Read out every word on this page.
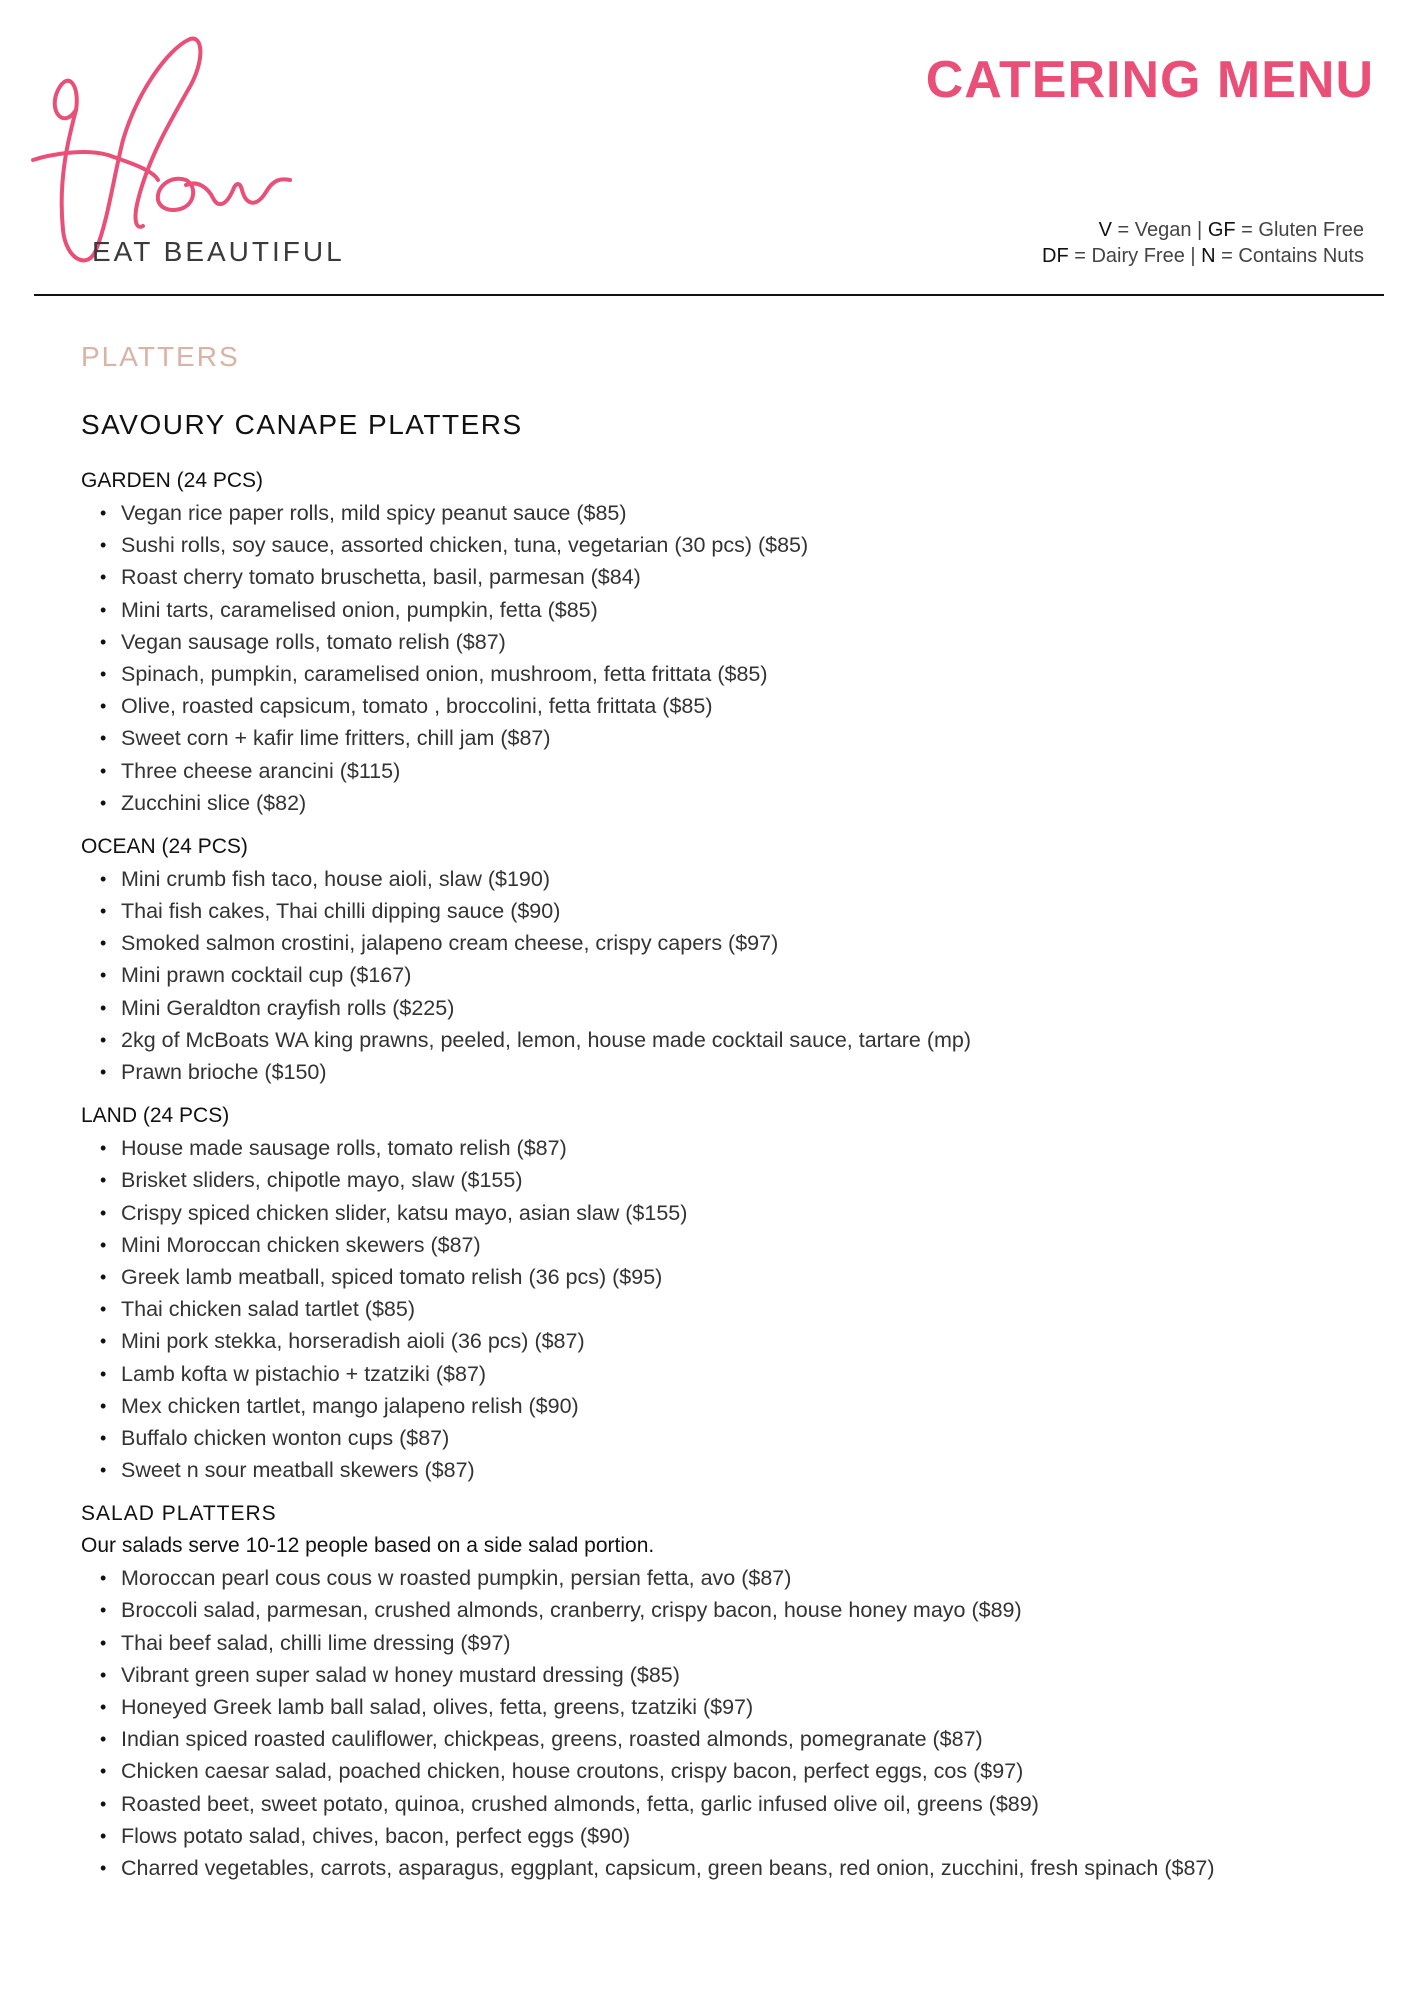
EAT BEAUTIFUL
CATERING MENU
V = Vegan | GF = Gluten Free
DF = Dairy Free | N = Contains Nuts
PLATTERS
SAVOURY CANAPE PLATTERS
GARDEN (24 PCS)
• Vegan rice paper rolls, mild spicy peanut sauce ($85)
• Sushi rolls, soy sauce, assorted chicken, tuna, vegetarian (30 pcs) ($85)
• Roast cherry tomato bruschetta, basil, parmesan ($84)
• Mini tarts, caramelised onion, pumpkin, fetta ($85)
• Vegan sausage rolls, tomato relish ($87)
• Spinach, pumpkin, caramelised onion, mushroom, fetta frittata ($85)
• Olive, roasted capsicum, tomato , broccolini, fetta frittata ($85)
• Sweet corn + kafir lime fritters, chill jam ($87)
• Three cheese arancini ($115)
• Zucchini slice ($82)
OCEAN (24 PCS)
• Mini crumb fish taco, house aioli, slaw ($190)
• Thai fish cakes, Thai chilli dipping sauce ($90)
• Smoked salmon crostini, jalapeno cream cheese, crispy capers ($97)
• Mini prawn cocktail cup ($167)
• Mini Geraldton crayfish rolls ($225)
• 2kg of McBoats WA king prawns, peeled, lemon, house made cocktail sauce, tartare (mp)
• Prawn brioche ($150)
LAND (24 PCS)
• House made sausage rolls, tomato relish ($87)
• Brisket sliders, chipotle mayo, slaw ($155)
• Crispy spiced chicken slider, katsu mayo, asian slaw ($155)
• Mini Moroccan chicken skewers ($87)
• Greek lamb meatball, spiced tomato relish (36 pcs) ($95)
• Thai chicken salad tartlet ($85)
• Mini pork stekka, horseradish aioli (36 pcs) ($87)
• Lamb kofta w pistachio + tzatziki ($87)
• Mex chicken tartlet, mango jalapeno relish ($90)
• Buffalo chicken wonton cups ($87)
• Sweet n sour meatball skewers ($87)
SALAD PLATTERS
Our salads serve 10-12 people based on a side salad portion.
• Moroccan pearl cous cous w roasted pumpkin, persian fetta, avo ($87)
• Broccoli salad, parmesan, crushed almonds, cranberry, crispy bacon, house honey mayo ($89)
• Thai beef salad, chilli lime dressing ($97)
• Vibrant green super salad w honey mustard dressing ($85)
• Honeyed Greek lamb ball salad, olives, fetta, greens, tzatziki ($97)
• Indian spiced roasted cauliflower, chickpeas, greens, roasted almonds, pomegranate ($87)
• Chicken caesar salad, poached chicken, house croutons, crispy bacon, perfect eggs, cos ($97)
• Roasted beet, sweet potato, quinoa, crushed almonds, fetta, garlic infused olive oil, greens ($89)
• Flows potato salad, chives, bacon, perfect eggs ($90)
• Charred vegetables, carrots, asparagus, eggplant, capsicum, green beans, red onion, zucchini, fresh spinach ($87)
